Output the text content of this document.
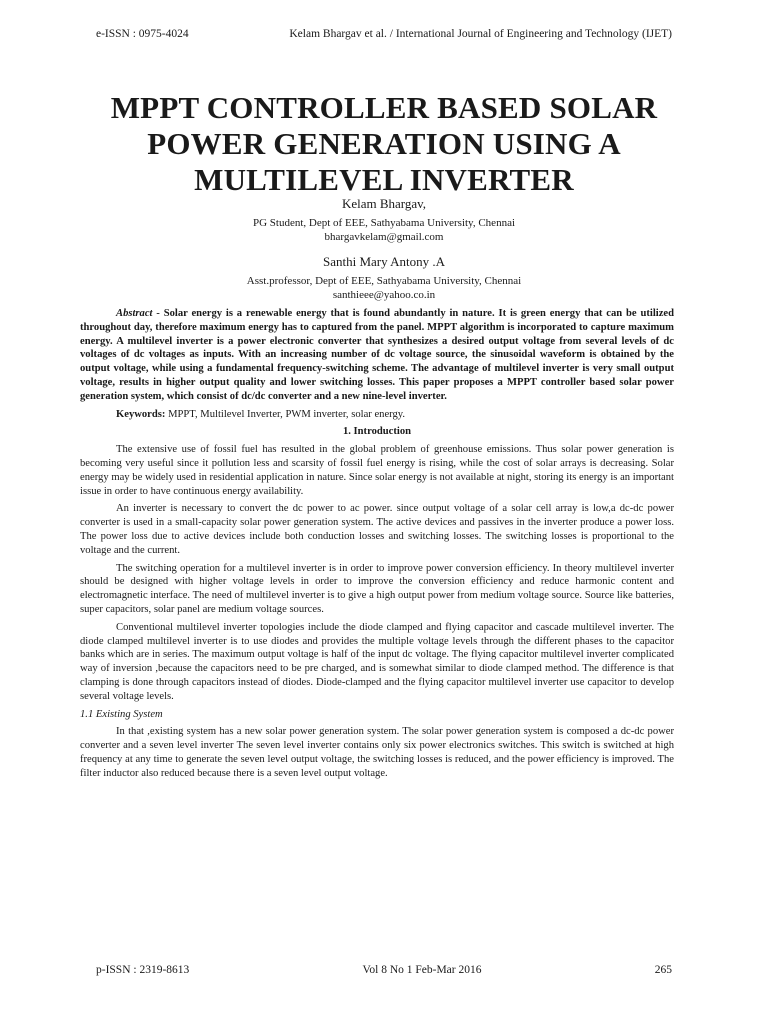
e-ISSN : 0975-4024	Kelam Bhargav et al. / International Journal of Engineering and Technology (IJET)
MPPT CONTROLLER BASED SOLAR
POWER GENERATION USING A
MULTILEVEL INVERTER
Kelam Bhargav,
PG Student, Dept of EEE, Sathyabama University, Chennai
bhargavkelam@gmail.com
Santhi Mary Antony .A
Asst.professor, Dept of EEE, Sathyabama University, Chennai
santhieee@yahoo.co.in

Abstract - Solar energy is a renewable energy that is found abundantly in nature. It is green energy that can be utilized throughout day, therefore maximum energy has to captured from the panel. MPPT algorithm is incorporated to capture maximum energy. A multilevel inverter is a power electronic converter that synthesizes a desired output voltage from several levels of dc voltages of dc voltages as inputs. With an increasing number of dc voltage source, the sinusoidal waveform is obtained by the output voltage, while using a fundamental frequency-switching scheme. The advantage of multilevel inverter is very small output voltage, results in higher output quality and lower switching losses. This paper proposes a MPPT controller based solar power generation system, which consist of dc/dc converter and a new nine-level inverter.

Keywords: MPPT, Multilevel Inverter, PWM inverter, solar energy.

1. Introduction

The extensive use of fossil fuel has resulted in the global problem of greenhouse emissions. Thus solar power generation is becoming very useful since it pollution less and scarsity of fossil fuel energy is rising, while the cost of solar arrays is decreasing. Solar energy may be widely used in residential application in nature. Since solar energy is not available at night, storing its energy is an important issue in order to have continuous energy availability.

An inverter is necessary to convert the dc power to ac power. since output voltage of a solar cell array is low,a dc-dc power converter is used in a small-capacity solar power generation system. The active devices and passives in the inverter produce a power loss. The power loss due to active devices include both conduction losses and switching losses. The switching losses is proportional to the voltage and the current.

The switching operation for a multilevel inverter is in order to improve power conversion efficiency. In theory multilevel inverter should be designed with higher voltage levels in order to improve the conversion efficiency and reduce harmonic content and electromagnetic interface. The need of multilevel inverter is to give a high output power from medium voltage source. Source like batteries, super capacitors, solar panel are medium voltage sources.

Conventional multilevel inverter topologies include the diode clamped and flying capacitor and cascade multilevel inverter. The diode clamped multilevel inverter is to use diodes and provides the multiple voltage levels through the different phases to the capacitor banks which are in series. The maximum output voltage is half of the input dc voltage. The flying capacitor multilevel inverter complicated way of inversion ,because the capacitors need to be pre charged, and is somewhat similar to diode clamped method. The difference is that clamping is done through capacitors instead of diodes. Diode-clamped and the flying capacitor multilevel inverter use capacitor to develop several voltage levels.

1.1 Existing System

In that ,existing system has a new solar power generation system. The solar power generation system is composed a dc-dc power converter and a seven level inverter The seven level inverter contains only six power electronics switches. This switch is switched at high frequency at any time to generate the seven level output voltage, the switching losses is reduced, and the power efficiency is improved. The filter inductor also reduced because there is a seven level output voltage.

p-ISSN : 2319-8613	Vol 8 No 1 Feb-Mar 2016	265
